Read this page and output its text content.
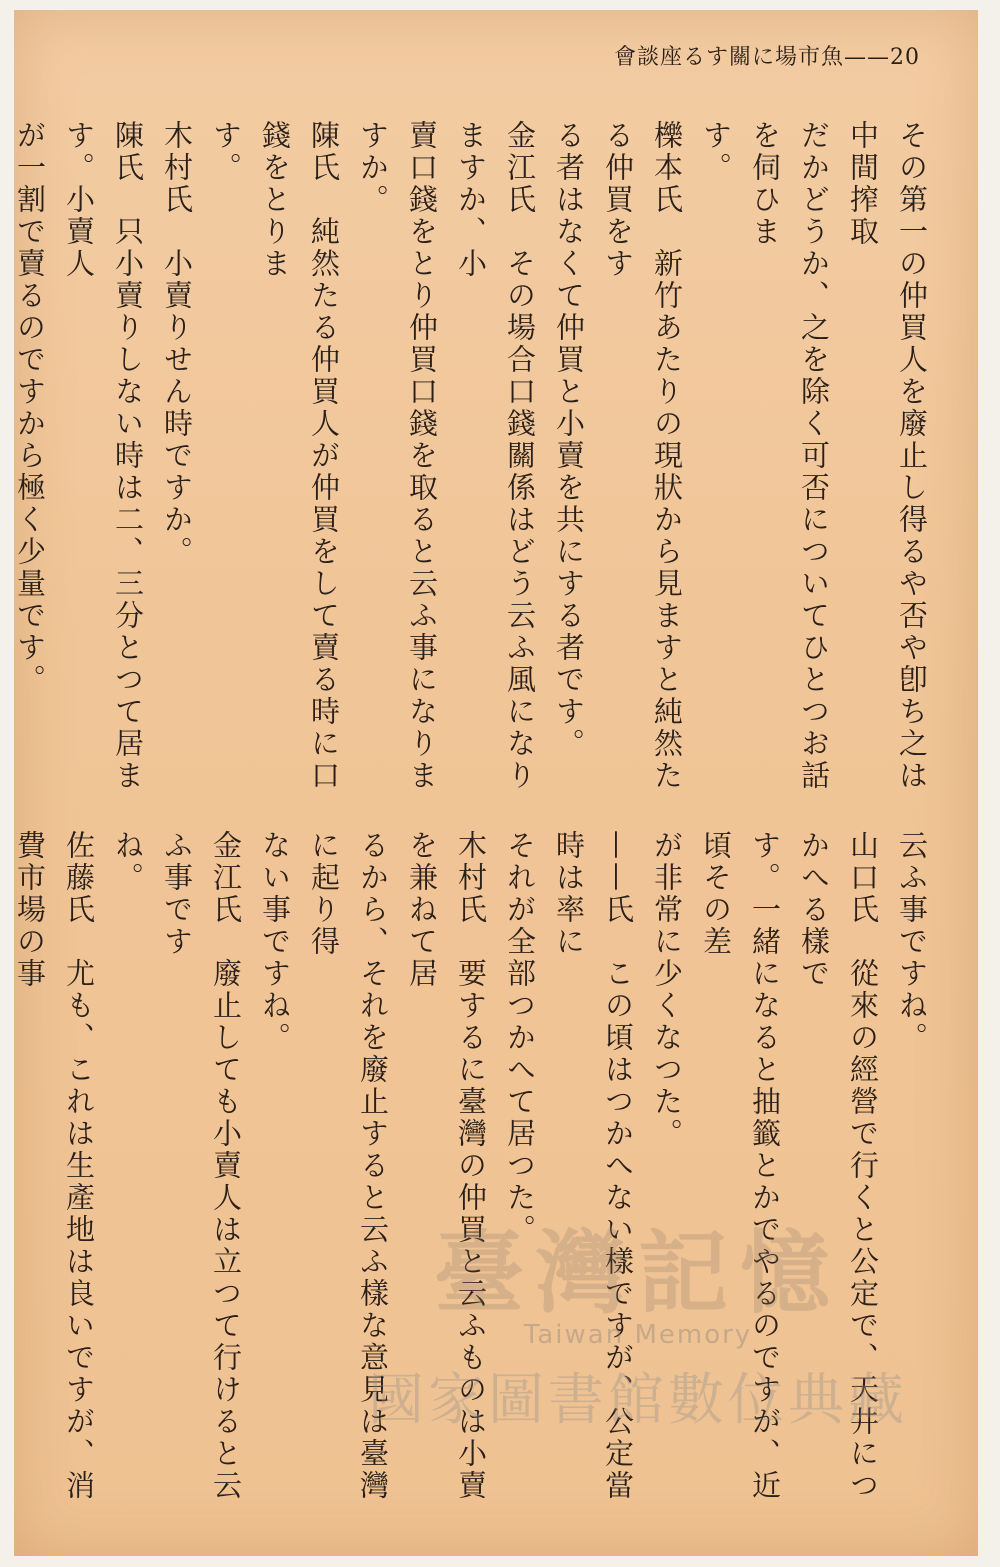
會談座るす關に場市魚——20

その第一の仲買人を廢止し得るや否や卽ち之は中間搾取

だかどうか、之を除く可否についてひとつお話を伺ひま

す。

櫟本氏　新竹あたりの現狀から見ますと純然たる仲買をす

る者はなくて仲買と小賣を共にする者です。

金江氏　その場合口錢關係はどう云ふ風になりますか、小

賣口錢をとり仲買口錢を取ると云ふ事になりますか。

陳氏　純然たる仲買人が仲買をして賣る時に口錢をとりま

す。

木村氏　小賣りせん時ですか。

陳氏　只小賣りしない時は二、三分とつて居ます。小賣人

が一割で賣るのですから極く少量です。

云ふ事ですね。

山口氏　從來の經營で行くと公定で、天井につかへる樣で

す。一緒になると抽籤とかでやるのですが、近頃その差

が非常に少くなつた。

——氏　この頃はつかへない樣ですが、公定當時は率に

それが全部つかへて居つた。

木村氏　要するに臺灣の仲買と云ふものは小賣を兼ねて居

るから、それを廢止すると云ふ樣な意見は臺灣に起り得

ない事ですね。

金江氏　廢止しても小賣人は立つて行けると云ふ事です

ね。

佐藤氏　尤も、これは生產地は良いですが、消費市場の事

臺灣記憶
Taiwan Memory
國家圖書館數位典藏
